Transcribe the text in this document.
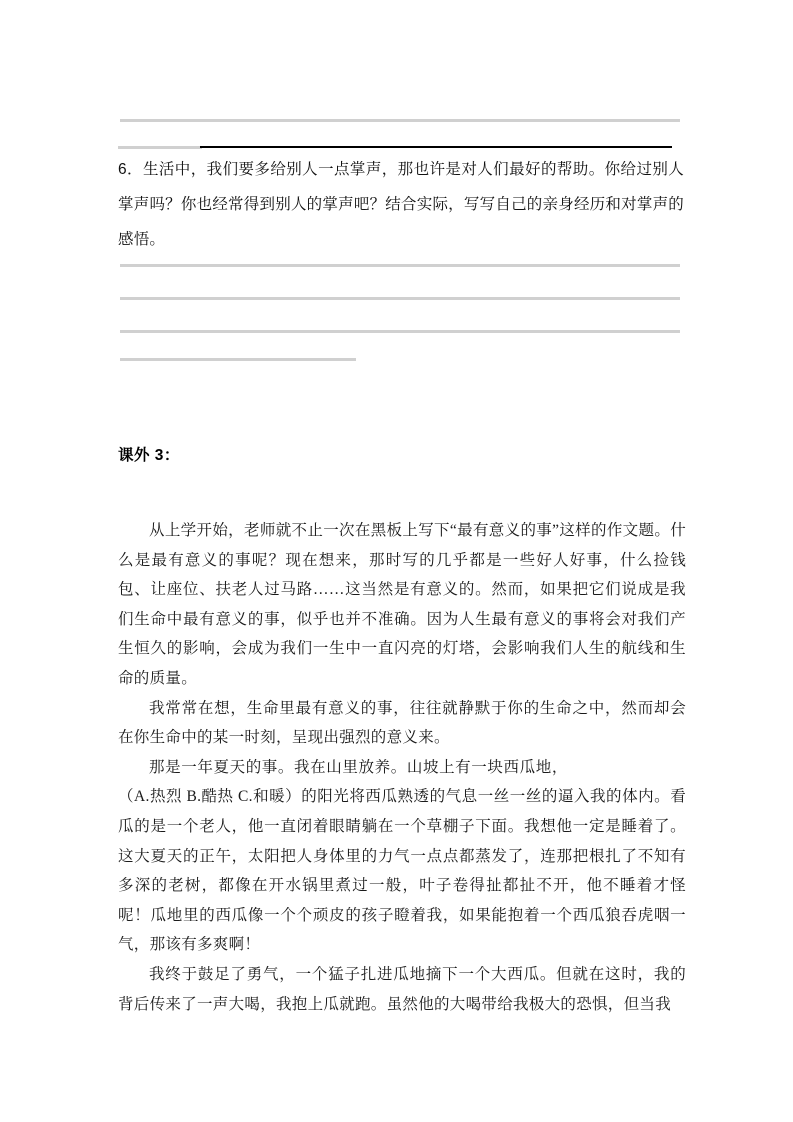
6．生活中，我们要多给别人一点掌声，那也许是对人们最好的帮助。你给过别人掌声吗？你也经常得到别人的掌声吧？结合实际，写写自己的亲身经历和对掌声的感悟。
课外 3：

从上学开始，老师就不止一次在黑板上写下“最有意义的事”这样的作文题。什么是最有意义的事呢？现在想来，那时写的几乎都是一些好人好事，什么捡钱包、让座位、扶老人过马路……这当然是有意义的。然而，如果把它们说成是我们生命中最有意义的事，似乎也并不准确。因为人生最有意义的事将会对我们产生恒久的影响，会成为我们一生中一直闪亮的灯塔，会影响我们人生的航线和生命的质量。

我常常在想，生命里最有意义的事，往往就静默于你的生命之中，然而却会在你生命中的某一时刻，呈现出强烈的意义来。

那是一年夏天的事。我在山里放养。山坡上有一块西瓜地，（A.热烈 B.酷热 C.和暖）的阳光将西瓜熟透的气息一丝一丝的逼入我的体内。看瓜的是一个老人，他一直闭着眼睛躺在一个草棚子下面。我想他一定是睡着了。这大夏天的正午，太阳把人身体里的力气一点点都蒸发了，连那把根扎了不知有多深的老树，都像在开水锅里煮过一般，叶子卷得扯都扯不开，他不睡着才怪呢！瓜地里的西瓜像一个个顽皮的孩子瞪着我，如果能抱着一个西瓜狼吞虎咽一气，那该有多爽啊！

我终于鼓足了勇气，一个猛子扎进瓜地摘下一个大西瓜。但就在这时，我的背后传来了一声大喝，我抱上瓜就跑。虽然他的大喝带给我极大的恐惧，但当我
